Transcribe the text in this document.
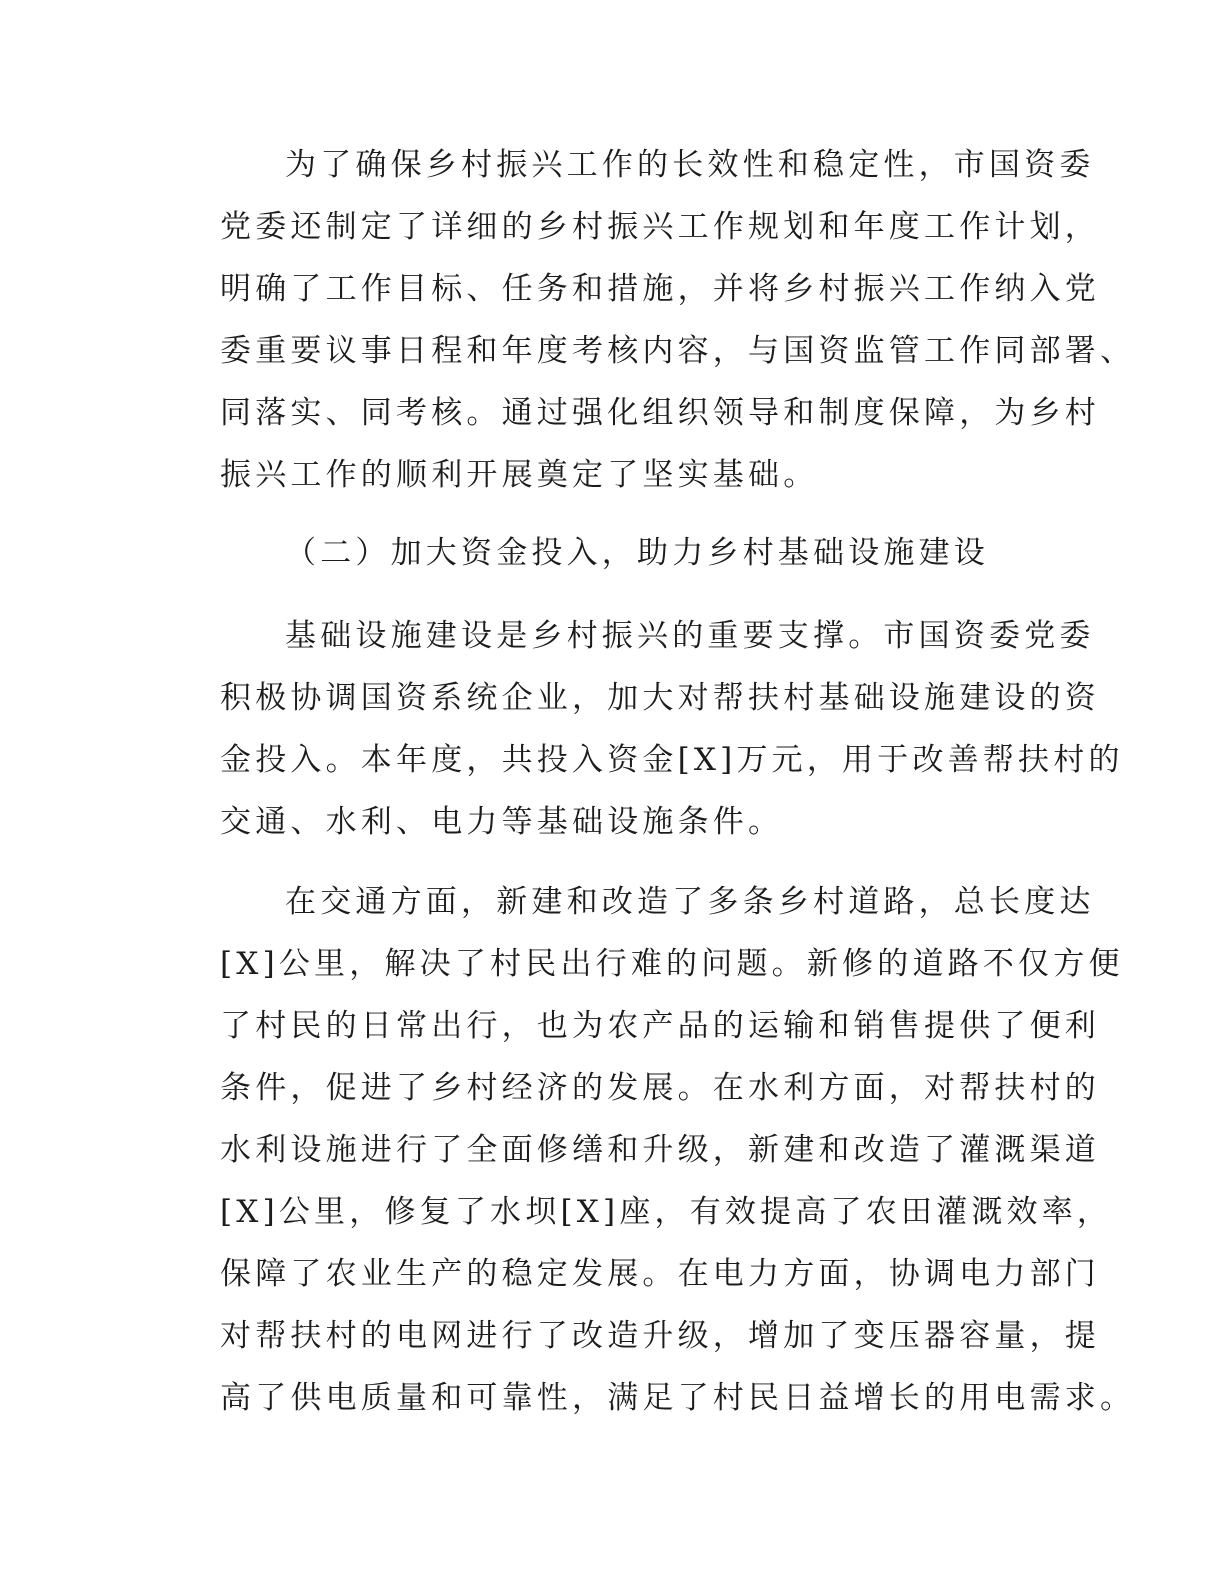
为了确保乡村振兴工作的长效性和稳定性，市国资委
党委还制定了详细的乡村振兴工作规划和年度工作计划，
明确了工作目标、任务和措施，并将乡村振兴工作纳入党
委重要议事日程和年度考核内容，与国资监管工作同部署、
同落实、同考核。通过强化组织领导和制度保障，为乡村
振兴工作的顺利开展奠定了坚实基础。
（二）加大资金投入，助力乡村基础设施建设
基础设施建设是乡村振兴的重要支撑。市国资委党委
积极协调国资系统企业，加大对帮扶村基础设施建设的资
金投入。本年度，共投入资金[X]万元，用于改善帮扶村的
交通、水利、电力等基础设施条件。
在交通方面，新建和改造了多条乡村道路，总长度达
[X]公里，解决了村民出行难的问题。新修的道路不仅方便
了村民的日常出行，也为农产品的运输和销售提供了便利
条件，促进了乡村经济的发展。在水利方面，对帮扶村的
水利设施进行了全面修缮和升级，新建和改造了灌溉渠道
[X]公里，修复了水坝[X]座，有效提高了农田灌溉效率，
保障了农业生产的稳定发展。在电力方面，协调电力部门
对帮扶村的电网进行了改造升级，增加了变压器容量，提
高了供电质量和可靠性，满足了村民日益增长的用电需求。
